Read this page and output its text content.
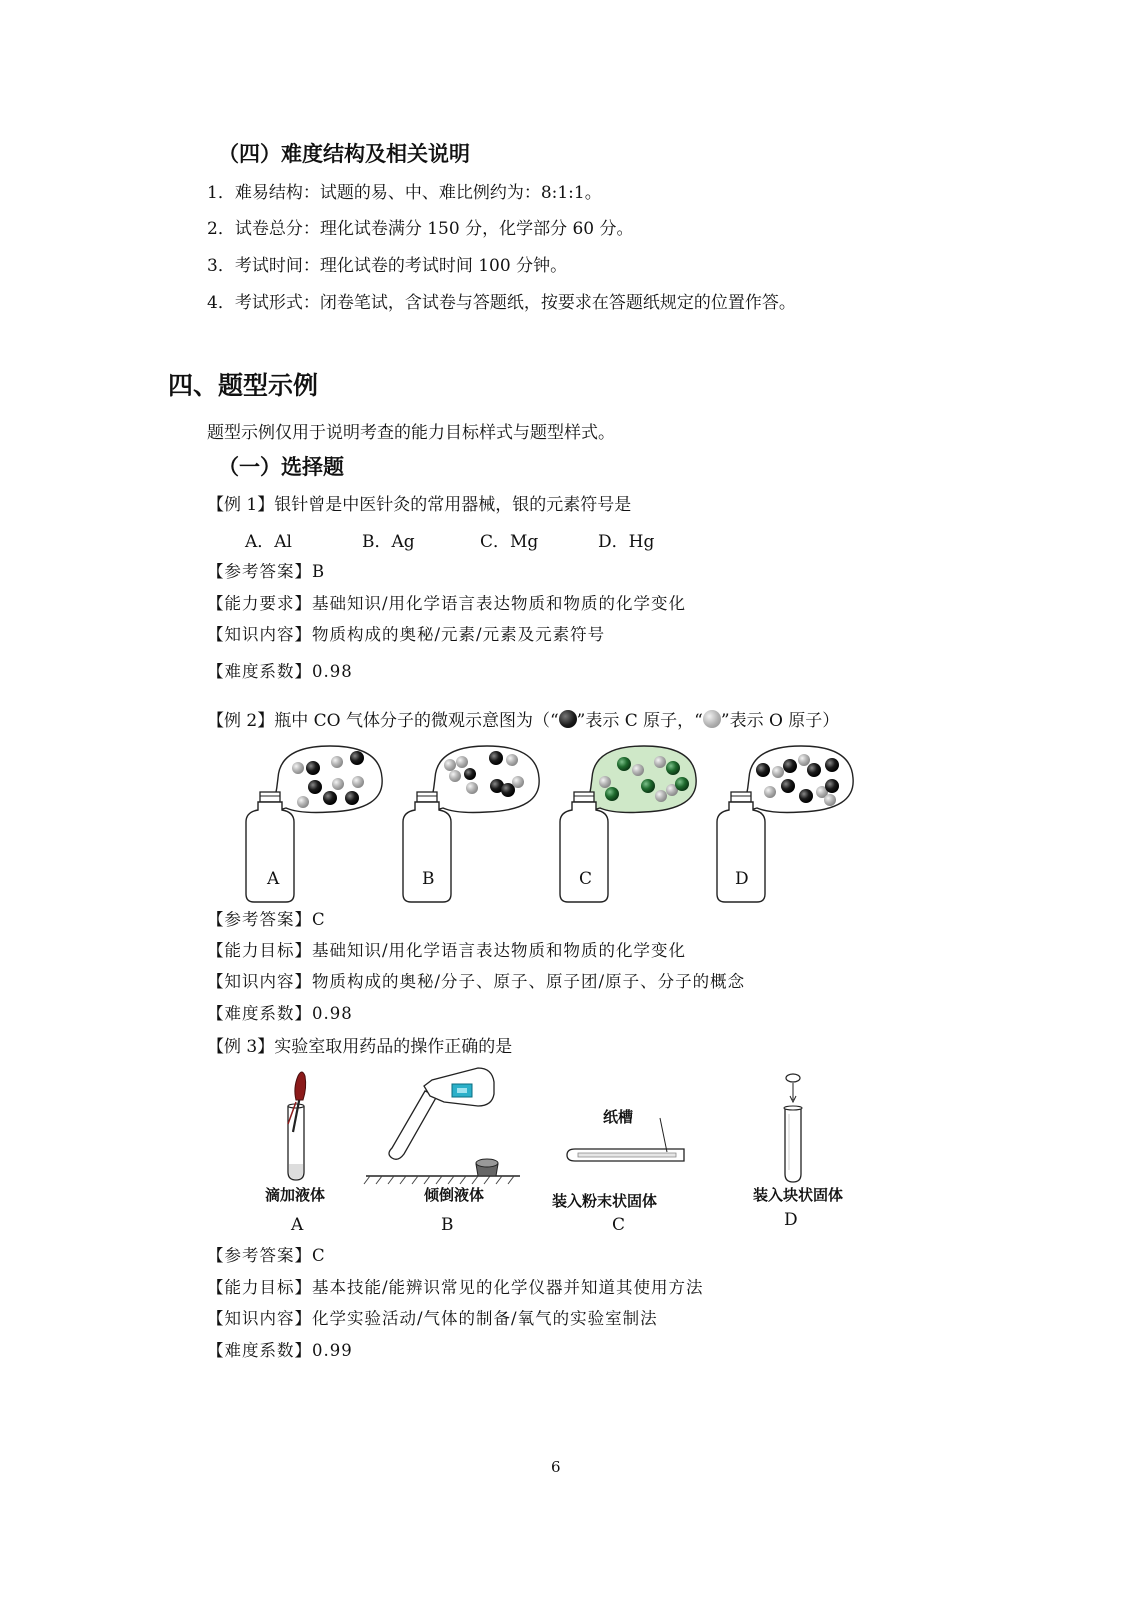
（四）难度结构及相关说明
1．难易结构：试题的易、中、难比例约为：8:1:1。
2．试卷总分：理化试卷满分 150 分，化学部分 60 分。
3．考试时间：理化试卷的考试时间 100 分钟。
4．考试形式：闭卷笔试，含试卷与答题纸，按要求在答题纸规定的位置作答。
四、题型示例
题型示例仅用于说明考查的能力目标样式与题型样式。
（一）选择题
【例 1】银针曾是中医针灸的常用器械，银的元素符号是
A．Al	B．Ag	C．Mg	D．Hg
【参考答案】B
【能力要求】基础知识/用化学语言表达物质和物质的化学变化
【知识内容】物质构成的奥秘/元素/元素及元素符号
【难度系数】0.98
【例 2】瓶中 CO 气体分子的微观示意图为（“ ”表示 C 原子，“ ”表示 O 原子）
A	B	C	D
【参考答案】C
【能力目标】基础知识/用化学语言表达物质和物质的化学变化
【知识内容】物质构成的奥秘/分子、原子、原子团/原子、分子的概念
【难度系数】0.98
【例 3】实验室取用药品的操作正确的是
纸槽
滴加液体	倾倒液体	装入粉末状固体	装入块状固体
A	B	C	D
【参考答案】C
【能力目标】基本技能/能辨识常见的化学仪器并知道其使用方法
【知识内容】化学实验活动/气体的制备/氧气的实验室制法
【难度系数】0.99
6
